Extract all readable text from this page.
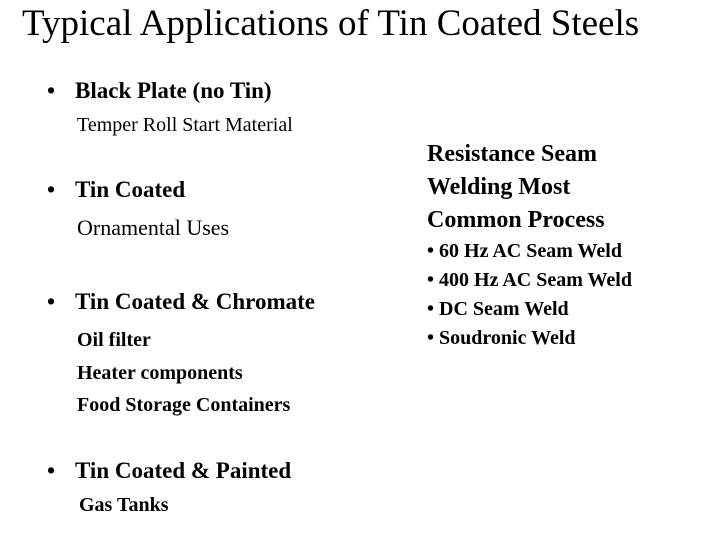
Typical Applications of Tin Coated Steels
•Black Plate (no Tin)
Temper Roll Start Material
•Tin Coated
Ornamental Uses
•Tin Coated & Chromate
Oil filter
Heater components
Food Storage Containers
•Tin Coated & Painted
Gas Tanks
Resistance Seam
Welding Most
Common Process
• 60 Hz AC Seam Weld
• 400 Hz AC Seam Weld
• DC Seam Weld
• Soudronic Weld
